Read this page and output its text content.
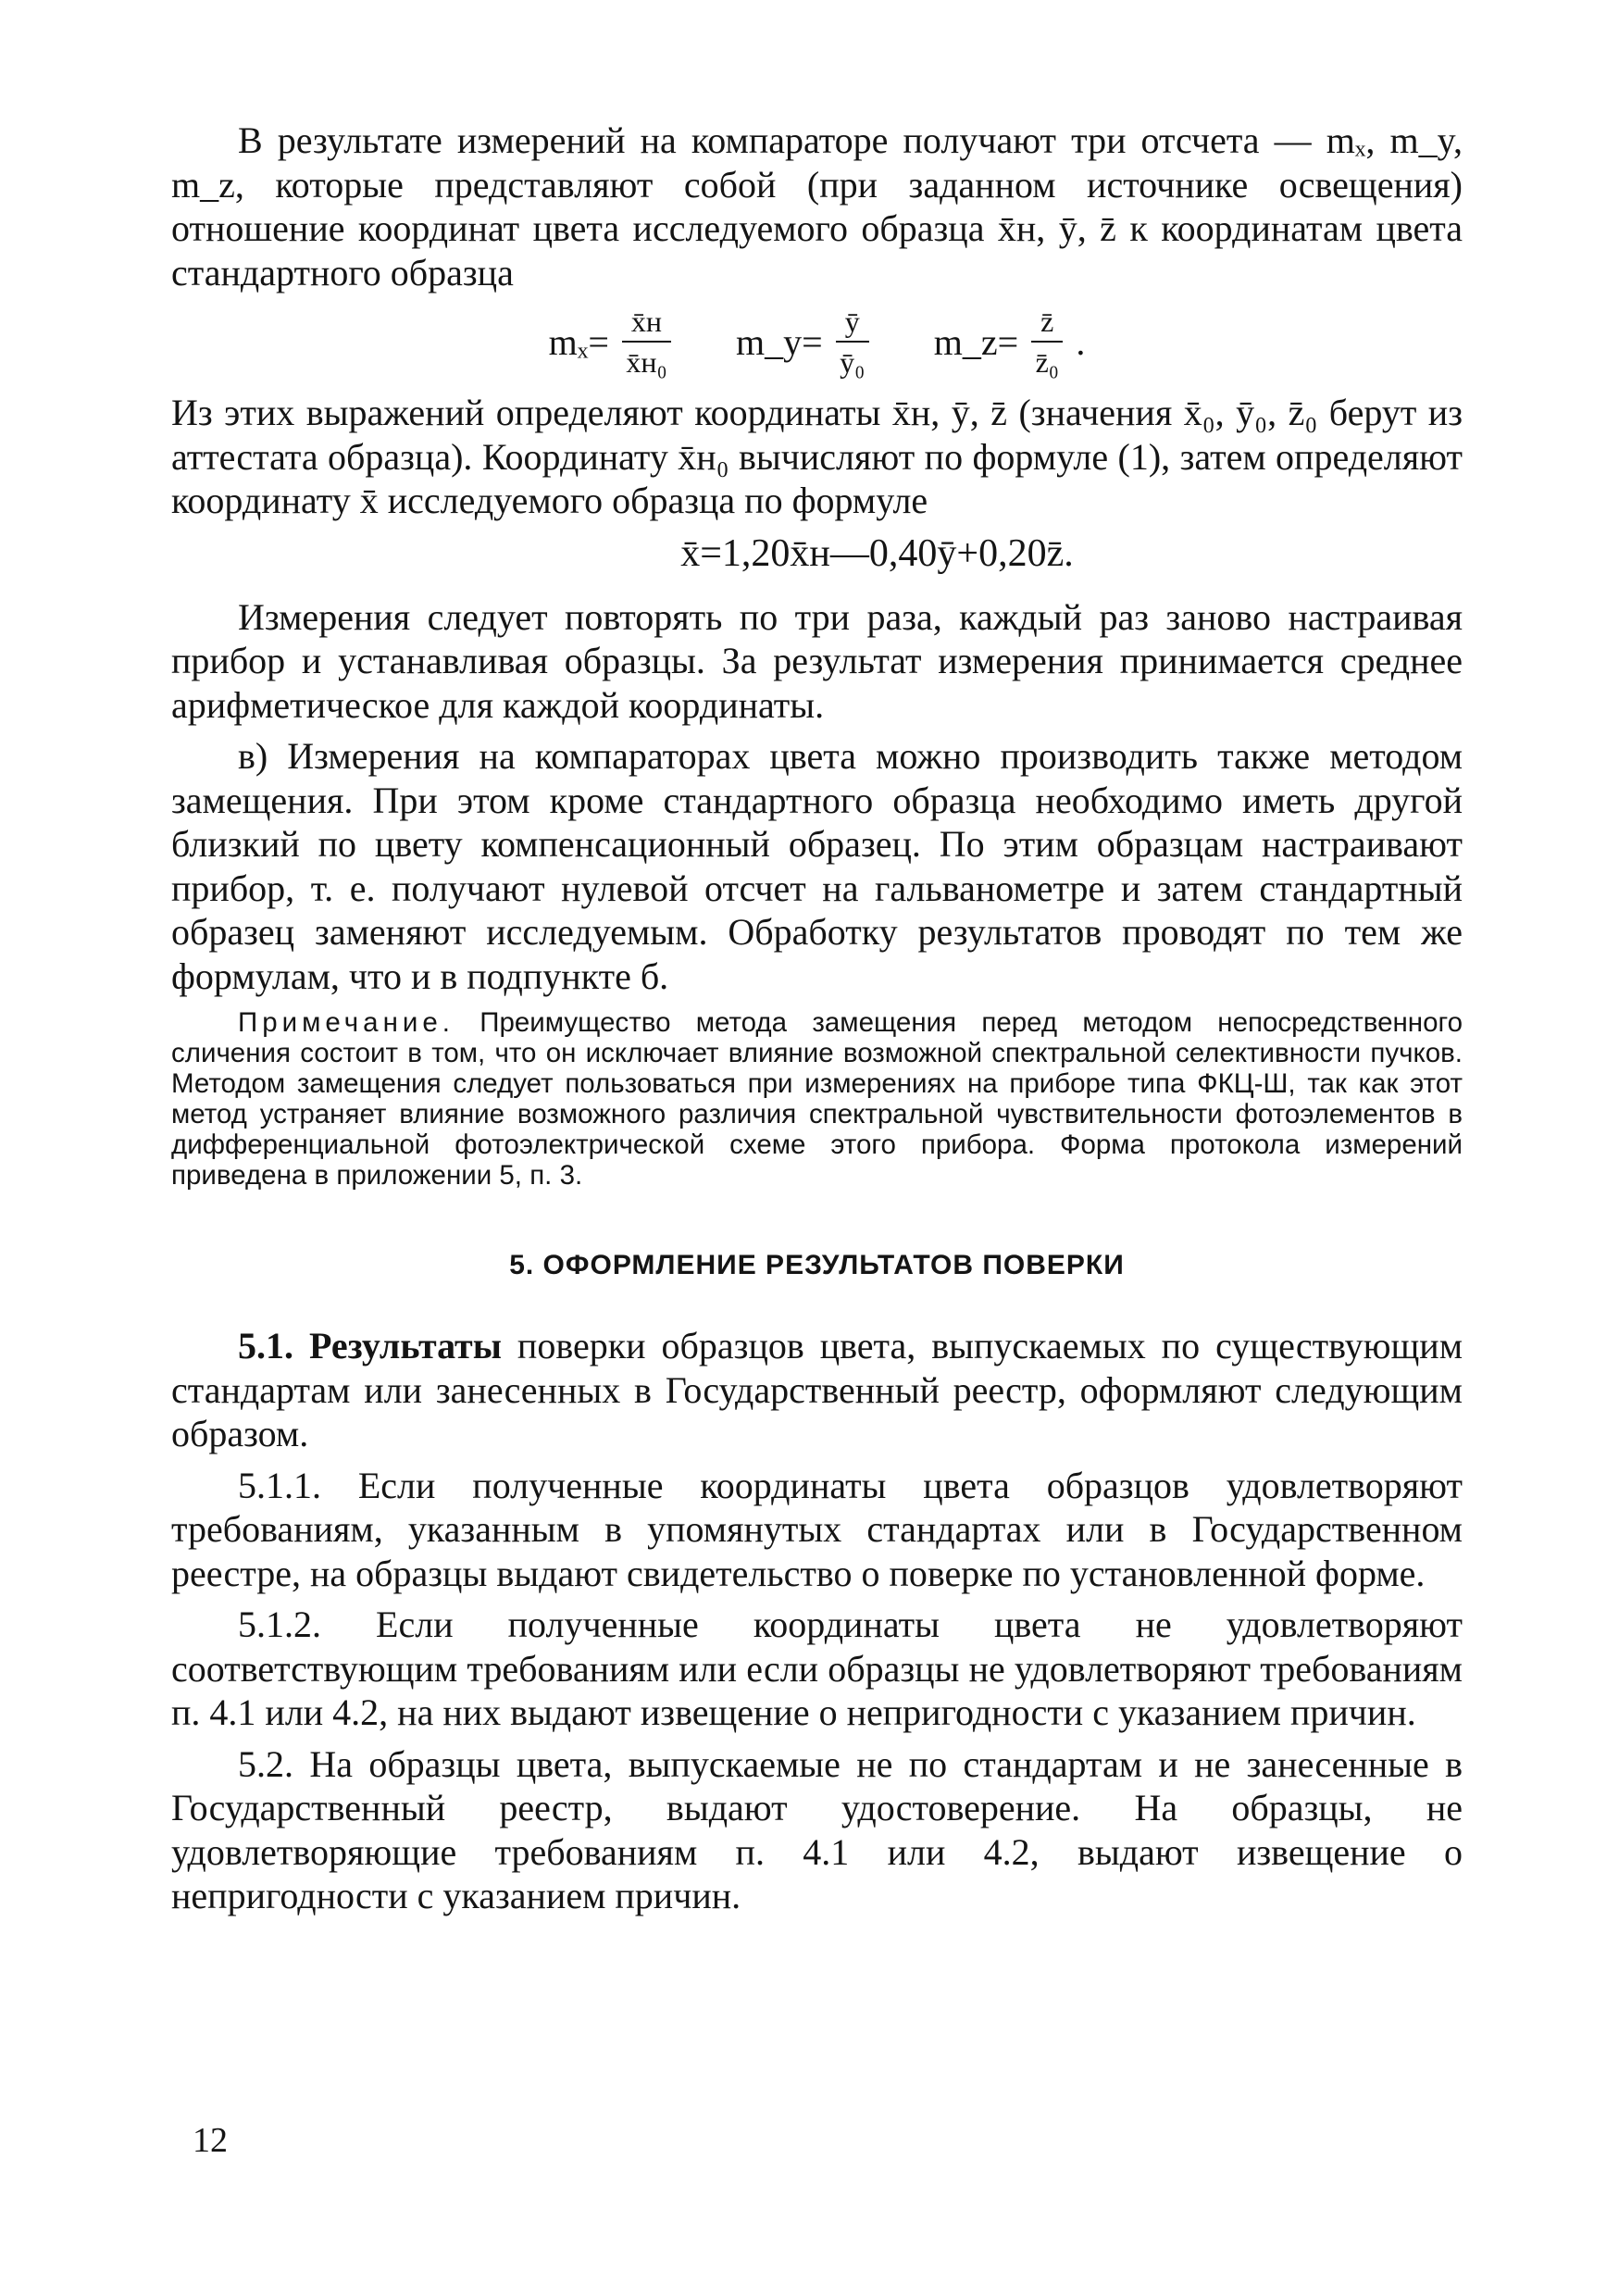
В результате измерений на компараторе получают три отсчета — mₓ, m_y, m_z, которые представляют собой (при заданном источнике освещения) отношение координат цвета исследуемого образца x̄н, ȳ, z̄ к координатам цвета стандартного образца

$m_x= \frac{x̄н}{\text{x̄н₀}}$ m_y= $\frac{ȳ}{\text{ȳ₀}}$ m_z= $\frac{z̄}{\text{z̄₀}}$ .

Из этих выражений определяют координаты x̄н, ȳ, z̄ (значения x̄₀, ȳ₀, z̄₀ берут из аттестата образца). Координату x̄н₀ вычисляют по формуле (1), затем определяют координату x̄ исследуемого образца по формуле

x̄=1,20x̄н—0,40ȳ+0,20z̄.

Измерения следует повторять по три раза, каждый раз заново настраивая прибор и устанавливая образцы. За результат измерения принимается среднее арифметическое для каждой координаты.

в) Измерения на компараторах цвета можно производить также методом замещения. При этом кроме стандартного образца необходимо иметь другой близкий по цвету компенсационный образец. По этим образцам настраивают прибор, т. е. получают нулевой отсчет на гальванометре и затем стандартный образец заменяют исследуемым. Обработку результатов проводят по тем же формулам, что и в подпункте б.

Примечание. Преимущество метода замещения перед методом непосредственного сличения состоит в том, что он исключает влияние возможной спектральной селективности пучков. Методом замещения следует пользоваться при измерениях на приборе типа ФКЦ-Ш, так как этот метод устраняет влияние возможного различия спектральной чувствительности фотоэлементов в дифференциальной фотоэлектрической схеме этого прибора. Форма протокола измерений приведена в приложении 5, п. 3.

5. ОФОРМЛЕНИЕ РЕЗУЛЬТАТОВ ПОВЕРКИ

5.1. Результаты поверки образцов цвета, выпускаемых по существующим стандартам или занесенных в Государственный реестр, оформляют следующим образом.

5.1.1. Если полученные координаты цвета образцов удовлетворяют требованиям, указанным в упомянутых стандартах или в Государственном реестре, на образцы выдают свидетельство о поверке по установленной форме.

5.1.2. Если полученные координаты цвета не удовлетворяют соответствующим требованиям или если образцы не удовлетворяют требованиям п. 4.1 или 4.2, на них выдают извещение о непригодности с указанием причин.

5.2. На образцы цвета, выпускаемые не по стандартам и не занесенные в Государственный реестр, выдают удостоверение. На образцы, не удовлетворяющие требованиям п. 4.1 или 4.2, выдают извещение о непригодности с указанием причин.

12
